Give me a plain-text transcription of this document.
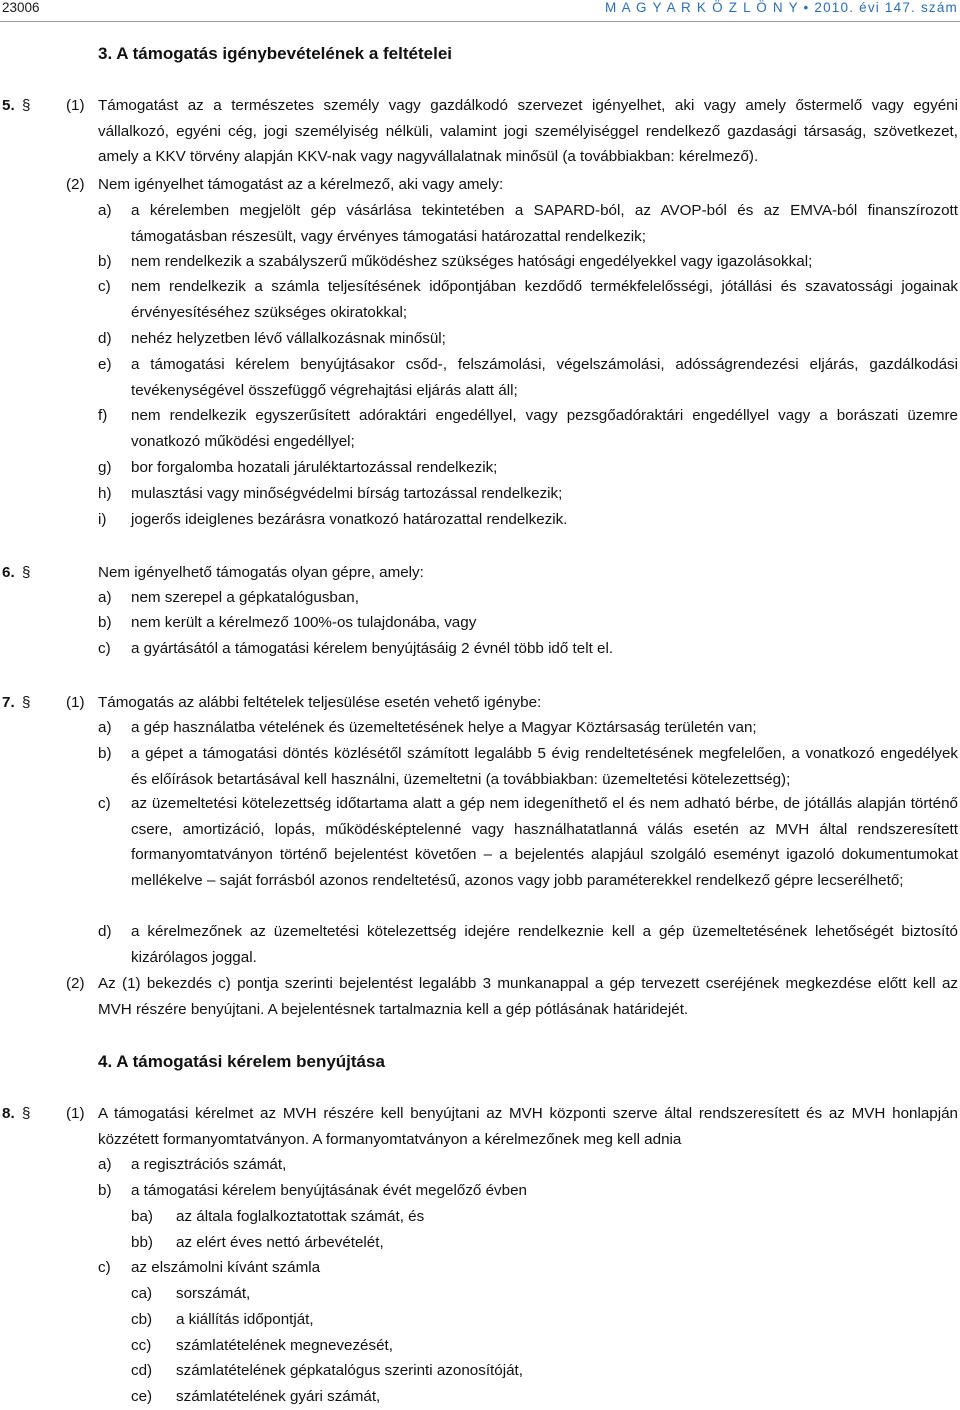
23006	M A G Y A R K Ö Z L Ö N Y • 2010. évi 147. szám
3. A támogatás igénybevételének a feltételei
5. § (1) Támogatást az a természetes személy vagy gazdálkodó szervezet igényelhet, aki vagy amely őstermelő vagy egyéni vállalkozó, egyéni cég, jogi személyiség nélküli, valamint jogi személyiséggel rendelkező gazdasági társaság, szövetkezet, amely a KKV törvény alapján KKV-nak vagy nagyvállalatnak minősül (a továbbiakban: kérelmező).
(2) Nem igényelhet támogatást az a kérelmező, aki vagy amely:
a) a kérelemben megjelölt gép vásárlása tekintetében a SAPARD-ból, az AVOP-ból és az EMVA-ból finanszírozott támogatásban részesült, vagy érvényes támogatási határozattal rendelkezik;
b) nem rendelkezik a szabályszerű működéshez szükséges hatósági engedélyekkel vagy igazolásokkal;
c) nem rendelkezik a számla teljesítésének időpontjában kezdődő termékfelelősségi, jótállási és szavatossági jogainak érvényesítéséhez szükséges okiratokkal;
d) nehéz helyzetben lévő vállalkozásnak minősül;
e) a támogatási kérelem benyújtásakor csőd-, felszámolási, végelszámolási, adósságrendezési eljárás, gazdálkodási tevékenységével összefüggő végrehajtási eljárás alatt áll;
f) nem rendelkezik egyszerűsített adóraktári engedéllyel, vagy pezsgőadóraktári engedéllyel vagy a borászati üzemre vonatkozó működési engedéllyel;
g) bor forgalomba hozatali járuléktartozással rendelkezik;
h) mulasztási vagy minőségvédelmi bírság tartozással rendelkezik;
i) jogerős ideiglenes bezárásra vonatkozó határozattal rendelkezik.
6. §	Nem igényelhető támogatás olyan gépre, amely:
a) nem szerepel a gépkatalógusban,
b) nem került a kérelmező 100%-os tulajdonába, vagy
c) a gyártásától a támogatási kérelem benyújtásáig 2 évnél több idő telt el.
7. § (1) Támogatás az alábbi feltételek teljesülése esetén vehető igénybe:
a) a gép használatba vételének és üzemeltetésének helye a Magyar Köztársaság területén van;
b) a gépet a támogatási döntés közlésétől számított legalább 5 évig rendeltetésének megfelelően, a vonatkozó engedélyek és előírások betartásával kell használni, üzemeltetni (a továbbiakban: üzemeltetési kötelezettség);
c) az üzemeltetési kötelezettség időtartama alatt a gép nem idegeníthető el és nem adható bérbe, de jótállás alapján történő csere, amortizáció, lopás, működésképtelenné vagy használhatatlanná válás esetén az MVH által rendszeresített formanyomtatványon történő bejelentést követően – a bejelentés alapjául szolgáló eseményt igazoló dokumentumokat mellékelve – saját forrásból azonos rendeltetésű, azonos vagy jobb paraméterekkel rendelkező gépre lecserélhető;
d) a kérelmezőnek az üzemeltetési kötelezettség idejére rendelkeznie kell a gép üzemeltetésének lehetőségét biztosító kizárólagos joggal.
(2) Az (1) bekezdés c) pontja szerinti bejelentést legalább 3 munkanappal a gép tervezett cseréjének megkezdése előtt kell az MVH részére benyújtani. A bejelentésnek tartalmaznia kell a gép pótlásának határidejét.
4. A támogatási kérelem benyújtása
8. § (1) A támogatási kérelmet az MVH részére kell benyújtani az MVH központi szerve által rendszeresített és az MVH honlapján közzétett formanyomtatványon. A formanyomtatványon a kérelmezőnek meg kell adnia
a) a regisztrációs számát,
b) a támogatási kérelem benyújtásának évét megelőző évben
ba) az általa foglalkoztatottak számát, és
bb) az elért éves nettó árbevételét,
c) az elszámolni kívánt számla
ca) sorszámát,
cb) a kiállítás időpontját,
cc) számlatételének megnevezését,
cd) számlatételének gépkatalógus szerinti azonosítóját,
ce) számlatételének gyári számát,
